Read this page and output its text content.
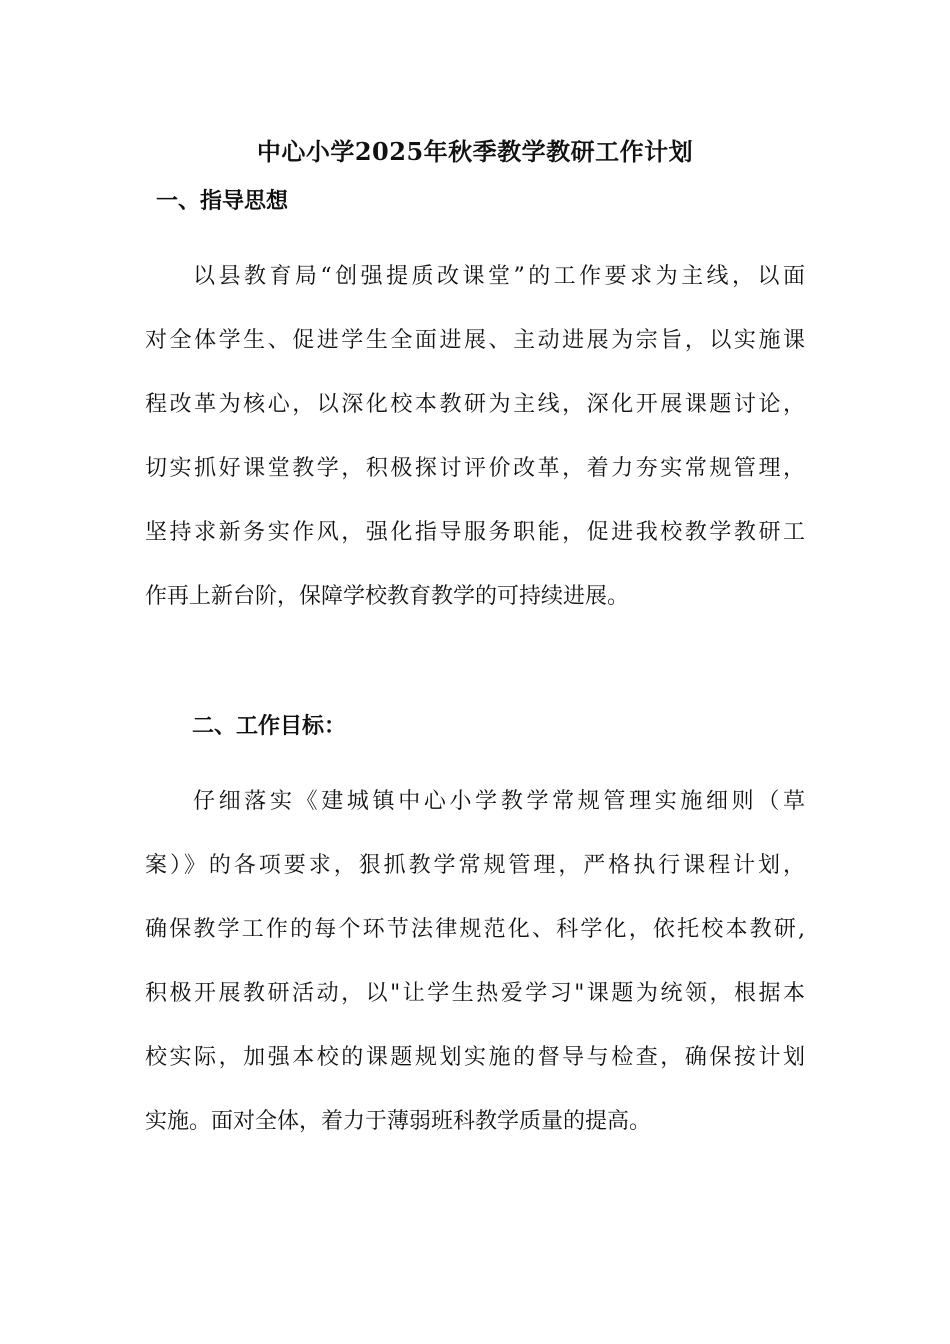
中心小学2025年秋季教学教研工作计划
一、指导思想
以县教育局“创强提质改课堂”的工作要求为主线，以面
对全体学生、促进学生全面进展、主动进展为宗旨，以实施课
程改革为核心，以深化校本教研为主线，深化开展课题讨论，
切实抓好课堂教学，积极探讨评价改革，着力夯实常规管理，
坚持求新务实作风，强化指导服务职能，促进我校教学教研工
作再上新台阶，保障学校教育教学的可持续进展。
二、工作目标：
仔细落实《建城镇中心小学教学常规管理实施细则（草
案）》的各项要求，狠抓教学常规管理，严格执行课程计划，
确保教学工作的每个环节法律规范化、科学化，依托校本教研,
积极开展教研活动，以"让学生热爱学习"课题为统领，根据本
校实际，加强本校的课题规划实施的督导与检查，确保按计划
实施。面对全体，着力于薄弱班科教学质量的提高。
